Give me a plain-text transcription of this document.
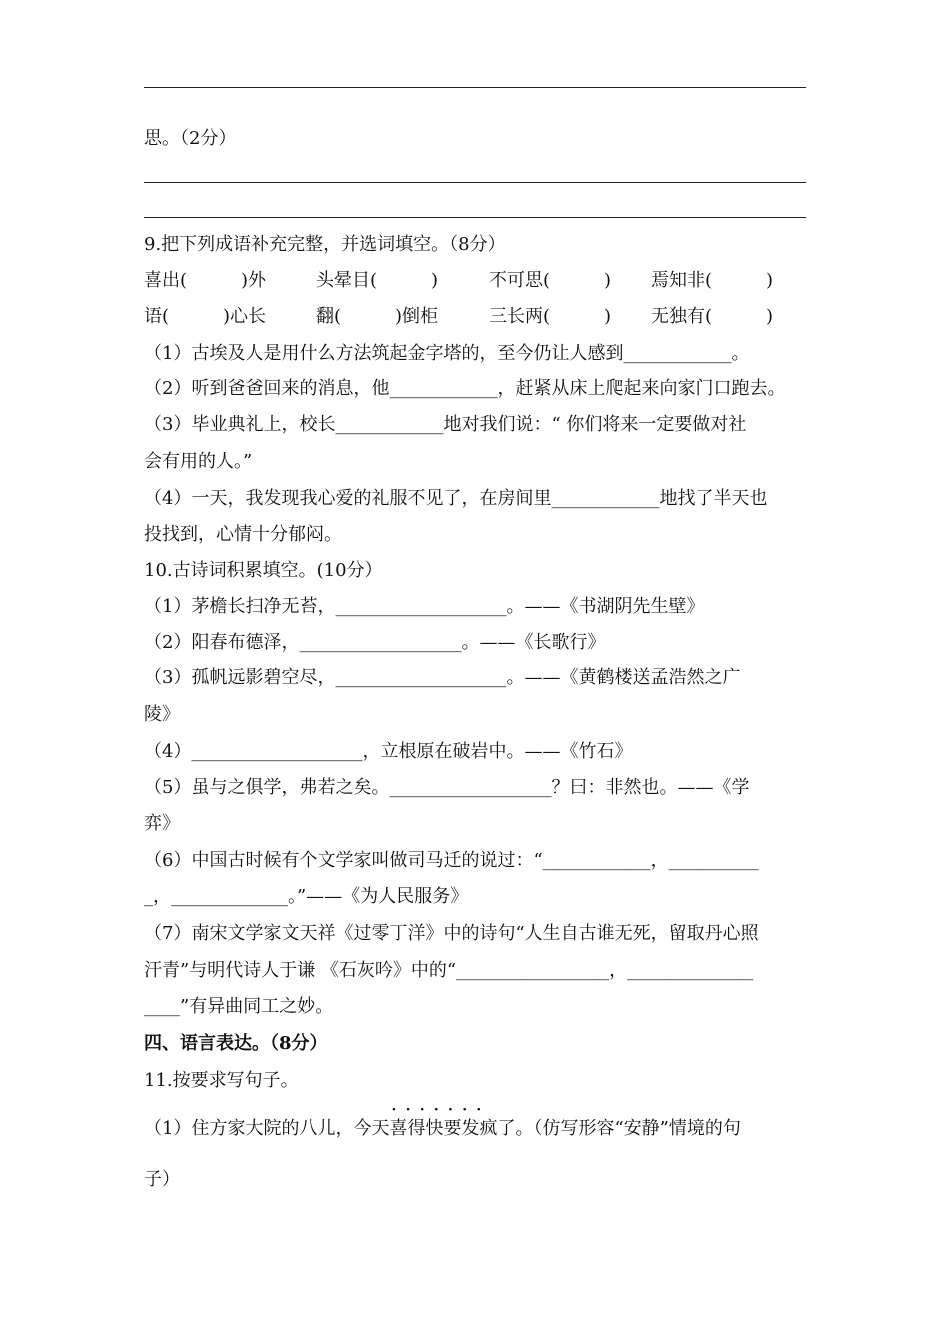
思。（2分）
9.把下列成语补充完整，并选词填空。（8分）
喜出(　　　)外	头晕目(　　　)	不可思(　　　) 焉知非(　　　)
语(　　　)心长	翻(　　　)倒柜	三长两(　　　) 无独有(　　　)
（1）古埃及人是用什么方法筑起金字塔的，至今仍让人感到____________。
（2）听到爸爸回来的消息，他____________，赶紧从床上爬起来向家门口跑去。
（3）毕业典礼上，校长____________地对我们说：“ 你们将来一定要做对社
会有用的人。”
（4）一天，我发现我心爱的礼服不见了，在房间里____________地找了半天也
投找到，心情十分郁闷。
10.古诗词积累填空。(10分）
（1）茅檐长扫净无苔，___________________。——《书湖阴先生壁》
（2）阳春布德泽，__________________。——《长歌行》
（3）孤帆远影碧空尽，___________________。——《黄鹤楼送孟浩然之广
陵》
（4）___________________，立根原在破岩中。——《竹石》
（5）虽与之俱学，弗若之矣。__________________？曰：非然也。——《学
弈》
（6）中国古时候有个文学家叫做司马迁的说过：“____________，__________
_，_____________。”——《为人民服务》
（7）南宋文学家文天祥《过零丁洋》中的诗句“人生自古谁无死，留取丹心照
汗青”与明代诗人于谦 《石灰吟》中的“_________________，______________
____”有异曲同工之妙。
四、语言表达。（8分）
11.按要求写句子。
（1）住方家大院的八儿，今天· · · 喜得快要发疯了。（仿写形容“安静”情境的句
子）
